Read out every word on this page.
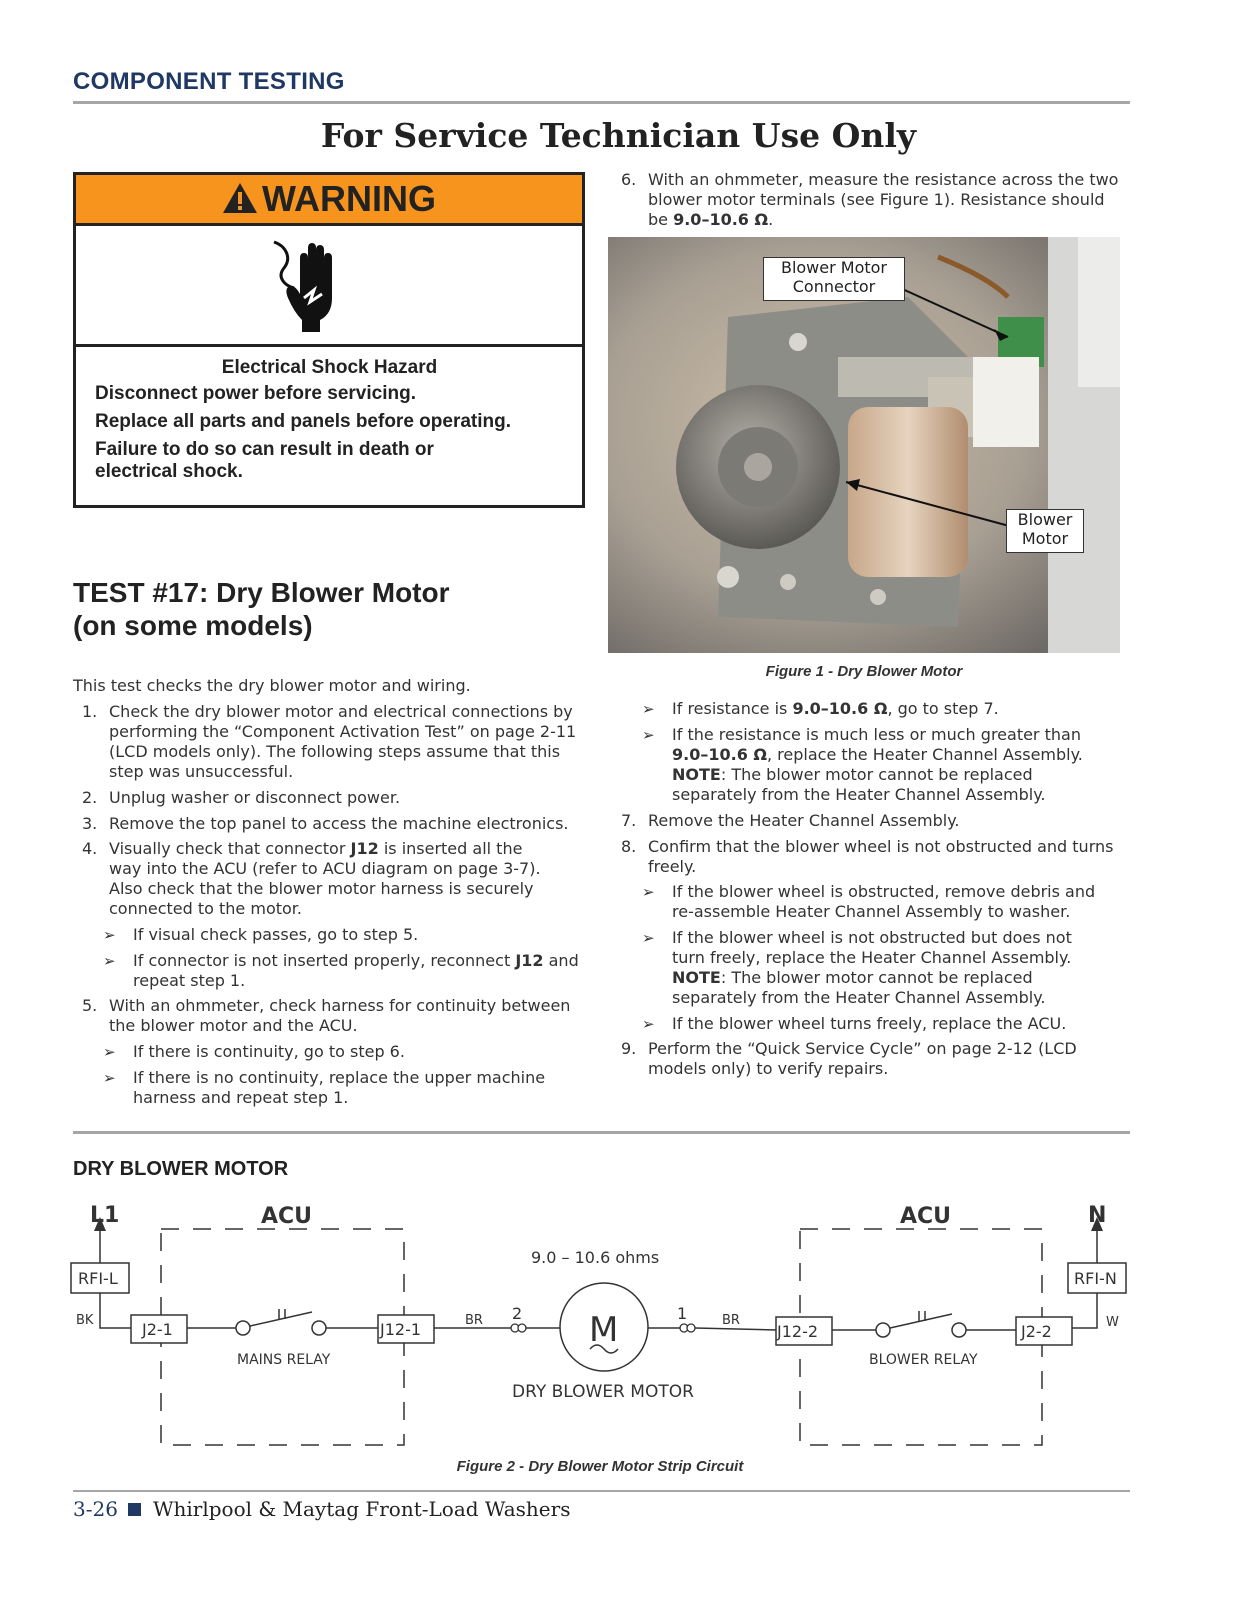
COMPONENT TESTING
For Service Technician Use Only
WARNING
Electrical Shock Hazard
Disconnect power before servicing.
Replace all parts and panels before operating.
Failure to do so can result in death or
electrical shock.
TEST #17: Dry Blower Motor
(on some models)
This test checks the dry blower motor and wiring.
1. Check the dry blower motor and electrical connections by
performing the “Component Activation Test” on page 2-11
(LCD models only). The following steps assume that this
step was unsuccessful.
2. Unplug washer or disconnect power.
3. Remove the top panel to access the machine electronics.
4. Visually check that connector J12 is inserted all the
way into the ACU (refer to ACU diagram on page 3-7).
Also check that the blower motor harness is securely
connected to the motor.
➢ If visual check passes, go to step 5.
➢ If connector is not inserted properly, reconnect J12 and
repeat step 1.
5. With an ohmmeter, check harness for continuity between
the blower motor and the ACU.
➢ If there is continuity, go to step 6.
➢ If there is no continuity, replace the upper machine
harness and repeat step 1.
6. With an ohmmeter, measure the resistance across the two
blower motor terminals (see Figure 1). Resistance should
be 9.0–10.6 Ω.
Blower Motor
Connector
Blower
Motor
Figure 1 - Dry Blower Motor
➢ If resistance is 9.0–10.6 Ω, go to step 7.
➢ If the resistance is much less or much greater than
9.0–10.6 Ω, replace the Heater Channel Assembly.
NOTE: The blower motor cannot be replaced
separately from the Heater Channel Assembly.
7. Remove the Heater Channel Assembly.
8. Confirm that the blower wheel is not obstructed and turns
freely.
➢ If the blower wheel is obstructed, remove debris and
re-assemble Heater Channel Assembly to washer.
➢ If the blower wheel is not obstructed but does not
turn freely, replace the Heater Channel Assembly.
NOTE: The blower motor cannot be replaced
separately from the Heater Channel Assembly.
➢ If the blower wheel turns freely, replace the ACU.
9. Perform the “Quick Service Cycle” on page 2-12 (LCD
models only) to verify repairs.
DRY BLOWER MOTOR
L1	N
ACU	ACU
RFI-L	RFI-N
BK	W
BR	BR
J2-1	J12-1	J12-2	J2-2
MAINS RELAY	BLOWER RELAY
9.0 – 10.6 ohms
2	1
M
DRY BLOWER MOTOR
Figure 2 - Dry Blower Motor Strip Circuit
3-26 Whirlpool & Maytag Front-Load Washers
